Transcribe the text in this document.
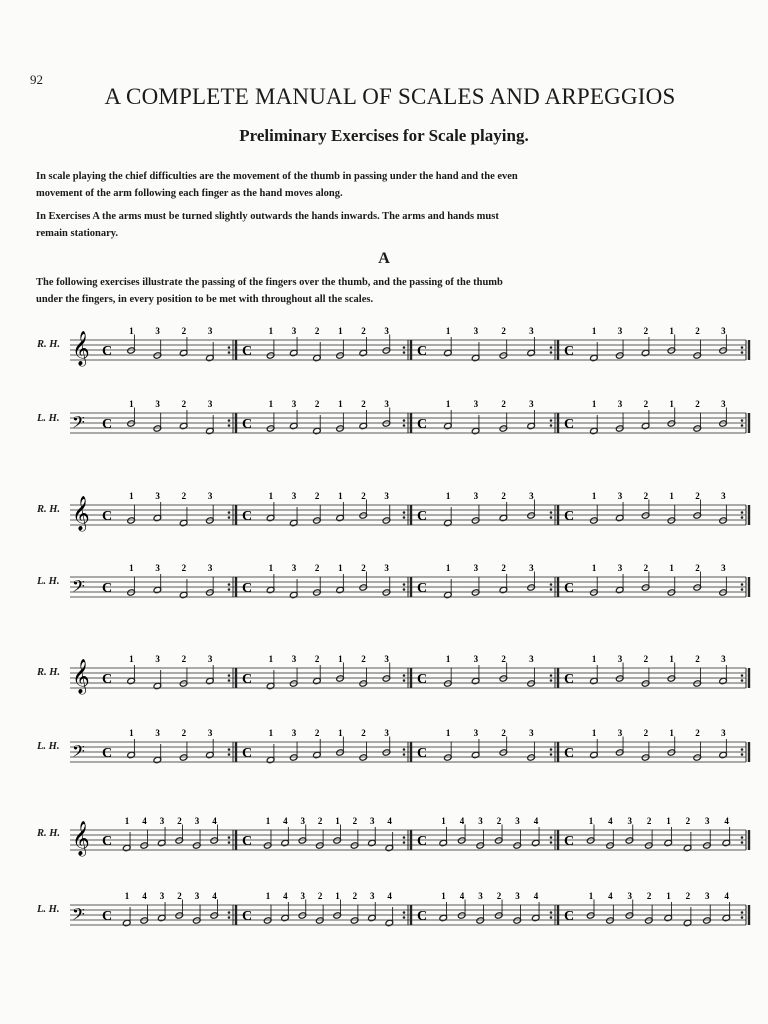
92
A COMPLETE MANUAL OF SCALES AND ARPEGGIOS
Preliminary Exercises for Scale playing.
In scale playing the chief difficulties are the movement of the thumb in passing under the hand and the even
movement of the arm following each finger as the hand moves along.
In Exercises A the arms must be turned slightly outwards the hands inwards. The arms and hands must
remain stationary.
A
The following exercises illustrate the passing of the fingers over the thumb, and the passing of the thumb
under the fingers, in every position to be met with throughout all the scales.
R. H.
L. H.
R. H.
L. H.
R. H.
L. H.
R. H.
L. H.
𝄞 C	C	C	C
1 3 2 3	1 3 2 1 2 3	1	3	2	3	1 3 2 1 2 3
𝄢 C	C	C	C
1 3 2 3	1 3 2 1 2 3	1	3	2	3	1 3 2 1 2 3
𝄞 C	C	C	C
1 3 2 3	1 3 2 1 2 3	1	3	2	3	1 3 2 1 2 3
𝄢 C	C	C	C
1 3 2 3	1 3 2 1 2 3	1	3	2	3	1 3 2 1 2 3
𝄞 C	C	C	C
1 3 2 3	1 3 2 1 2 3	1	3	2	3	1 3 2 1 2 3
𝄢 C	C	C	C
1 3 2 3	1 3 2 1 2 3	1	3	2	3	1 3 2 1 2 3
𝄞 C	C	C	C
1 4 3 2 3 4	1 4 3 2 1 2 3 4	1 4 3 2 3 4	1 4 3 2 1 2 3 4
𝄢 C	C	C	C
1 4 3 2 3 4	1 4 3 2 1 2 3 4	1 4 3 2 3 4	1 4 3 2 1 2 3 4
